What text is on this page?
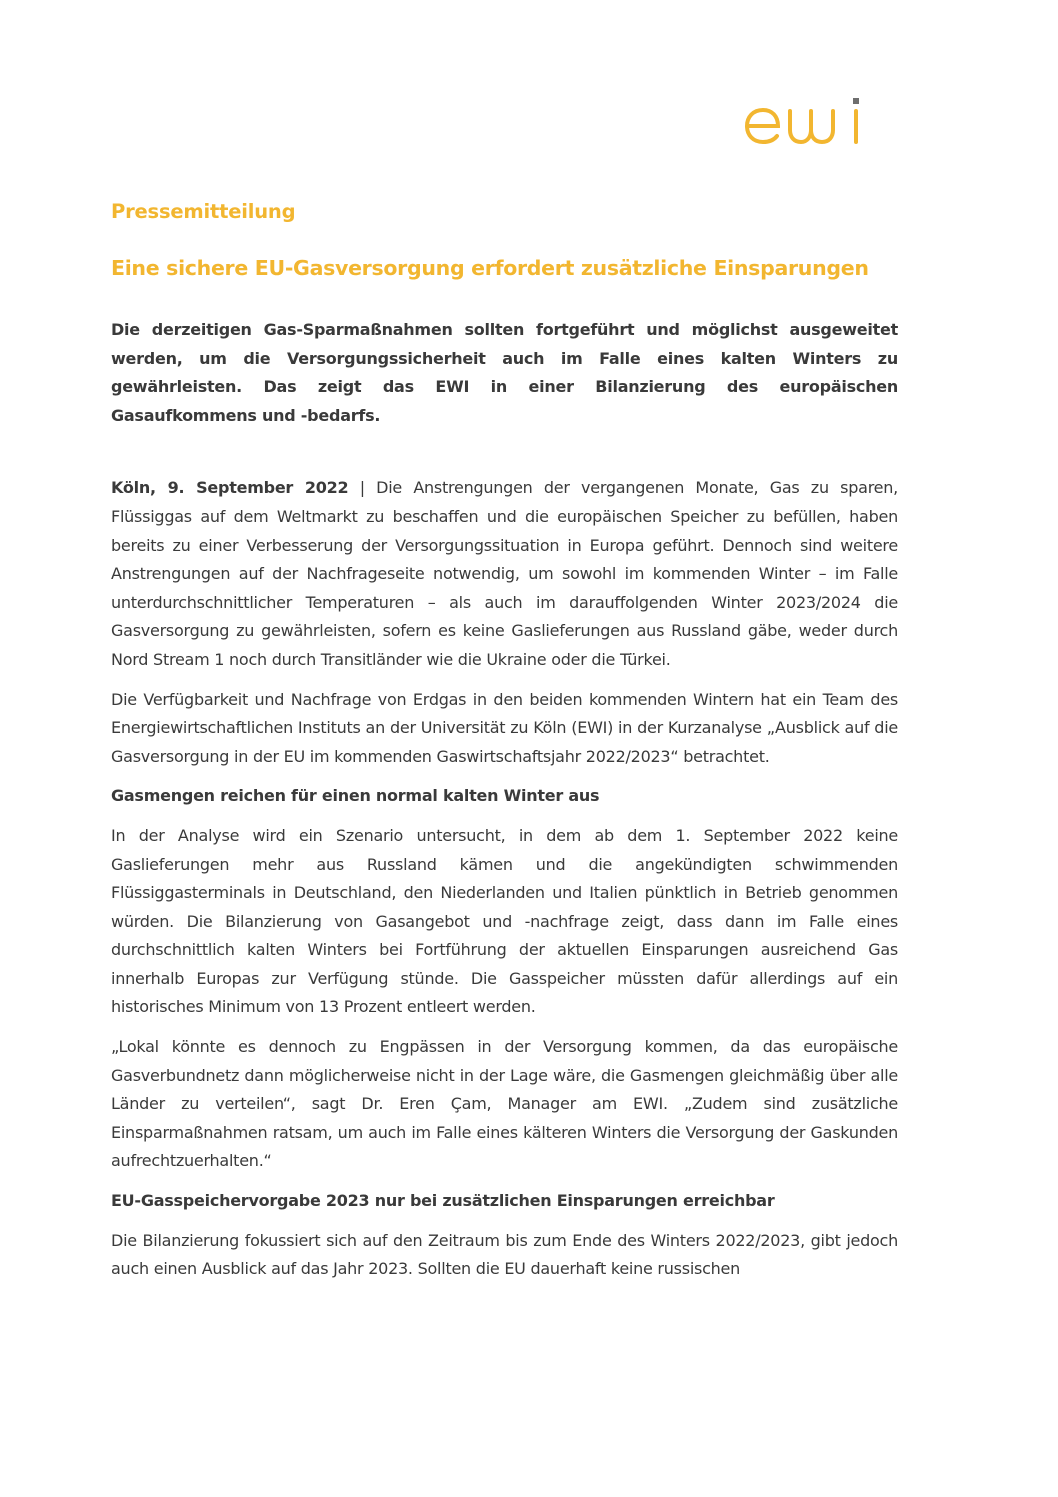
Pressemitteilung
Eine sichere EU-Gasversorgung erfordert zusätzliche Einsparungen

Die derzeitigen Gas-Sparmaßnahmen sollten fortgeführt und möglichst ausgeweitet werden, um die Versorgungssicherheit auch im Falle eines kalten Winters zu gewährleisten. Das zeigt das EWI in einer Bilanzierung des europäischen Gasaufkommens und -bedarfs.

Köln, 9. September 2022 | Die Anstrengungen der vergangenen Monate, Gas zu sparen, Flüssiggas auf dem Weltmarkt zu beschaffen und die europäischen Speicher zu befüllen, haben bereits zu einer Verbesserung der Versorgungssituation in Europa geführt. Dennoch sind weitere Anstrengungen auf der Nachfrageseite notwendig, um sowohl im kommenden Winter – im Falle unterdurchschnittlicher Temperaturen – als auch im darauffolgenden Winter 2023/2024 die Gasversorgung zu gewährleisten, sofern es keine Gaslieferungen aus Russland gäbe, weder durch Nord Stream 1 noch durch Transitländer wie die Ukraine oder die Türkei.

Die Verfügbarkeit und Nachfrage von Erdgas in den beiden kommenden Wintern hat ein Team des Energiewirtschaftlichen Instituts an der Universität zu Köln (EWI) in der Kurzanalyse „Ausblick auf die Gasversorgung in der EU im kommenden Gaswirtschaftsjahr 2022/2023“ betrachtet.

Gasmengen reichen für einen normal kalten Winter aus

In der Analyse wird ein Szenario untersucht, in dem ab dem 1. September 2022 keine Gaslieferungen mehr aus Russland kämen und die angekündigten schwimmenden Flüssiggasterminals in Deutschland, den Niederlanden und Italien pünktlich in Betrieb genommen würden. Die Bilanzierung von Gasangebot und -nachfrage zeigt, dass dann im Falle eines durchschnittlich kalten Winters bei Fortführung der aktuellen Einsparungen ausreichend Gas innerhalb Europas zur Verfügung stünde. Die Gasspeicher müssten dafür allerdings auf ein historisches Minimum von 13 Prozent entleert werden.

„Lokal könnte es dennoch zu Engpässen in der Versorgung kommen, da das europäische Gasverbundnetz dann möglicherweise nicht in der Lage wäre, die Gasmengen gleichmäßig über alle Länder zu verteilen“, sagt Dr. Eren Çam, Manager am EWI. „Zudem sind zusätzliche Einsparmaßnahmen ratsam, um auch im Falle eines kälteren Winters die Versorgung der Gaskunden aufrechtzuerhalten.“

EU-Gasspeichervorgabe 2023 nur bei zusätzlichen Einsparungen erreichbar

Die Bilanzierung fokussiert sich auf den Zeitraum bis zum Ende des Winters 2022/2023, gibt jedoch auch einen Ausblick auf das Jahr 2023. Sollten die EU dauerhaft keine russischen
